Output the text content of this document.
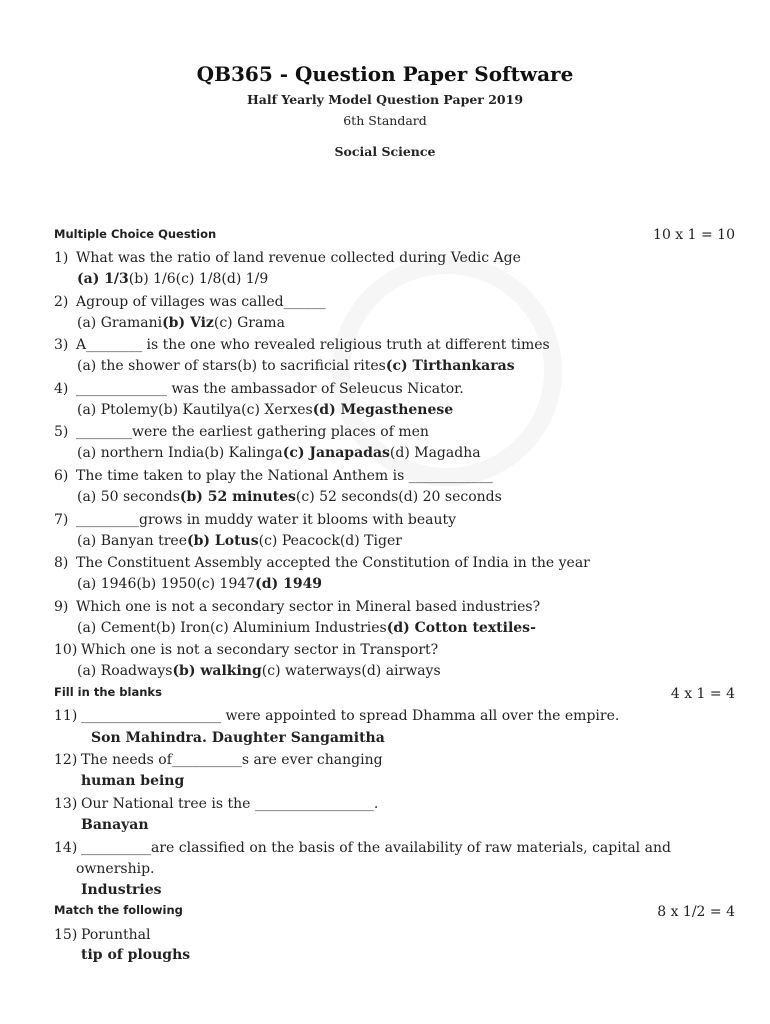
QB365 - Question Paper Software
Half Yearly Model Question Paper 2019
6th Standard
Social Science
Multiple Choice Question	10 x 1 = 10
1) What was the ratio of land revenue collected during Vedic Age
(a) 1/3(b) 1/6(c) 1/8(d) 1/9
2) Agroup of villages was called______
(a) Gramani(b) Viz(c) Grama
3) A________ is the one who revealed religious truth at different times
(a) the shower of stars(b) to sacrificial rites(c) Tirthankaras
4) _____________ was the ambassador of Seleucus Nicator.
(a) Ptolemy(b) Kautilya(c) Xerxes(d) Megasthenese
5) ________were the earliest gathering places of men
(a) northern India(b) Kalinga(c) Janapadas(d) Magadha
6) The time taken to play the National Anthem is ____________
(a) 50 seconds(b) 52 minutes(c) 52 seconds(d) 20 seconds
7) _________grows in muddy water it blooms with beauty
(a) Banyan tree(b) Lotus(c) Peacock(d) Tiger
8) The Constituent Assembly accepted the Constitution of India in the year
(a) 1946(b) 1950(c) 1947(d) 1949
9) Which one is not a secondary sector in Mineral based industries?
(a) Cement(b) Iron(c) Aluminium Industries(d) Cotton textiles-
10) Which one is not a secondary sector in Transport?
(a) Roadways(b) walking(c) waterways(d) airways
Fill in the blanks	4 x 1 = 4
11) ____________________ were appointed to spread Dhamma all over the empire.
Son Mahindra. Daughter Sangamitha
12) The needs of__________s are ever changing
human being
13) Our National tree is the _________________.
Banayan
14) __________are classified on the basis of the availability of raw materials, capital and
ownership.
Industries
Match the following	8 x 1/2 = 4
15) Porunthal
tip of ploughs
